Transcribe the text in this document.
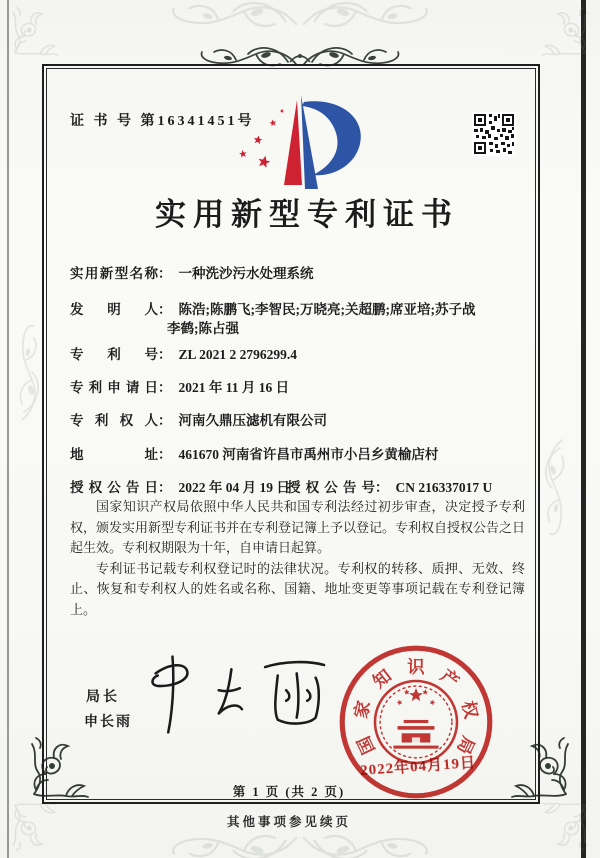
证 书 号 第16341451号
实用新型专利证书
实用新型名称： 一种洗沙污水处理系统
发明人： 陈浩;陈鹏飞;李智民;万晓亮;关超鹏;席亚培;苏子战
李鹤;陈占强
专利号： ZL 2021 2 2796299.4
专利申请日： 2021 年 11 月 16 日
专利权人： 河南久鼎压滤机有限公司
地址： 461670 河南省许昌市禹州市小吕乡黄榆店村
授权公告日： 2022 年 04 月 19 日
授权公告号： CN 216337017 U

国家知识产权局依照中华人民共和国专利法经过初步审查，决定授予专利权，颁发实用新型专利证书并在专利登记簿上予以登记。专利权自授权公告之日起生效。专利权期限为十年，自申请日起算。

专利证书记载专利权登记时的法律状况。专利权的转移、质押、无效、终止、恢复和专利权人的姓名或名称、国籍、地址变更等事项记载在专利登记簿上。

局长
申长雨
国
家
知 识 产
权
局
2022年04月19日
第 1 页 (共 2 页)
其他事项参见续页
